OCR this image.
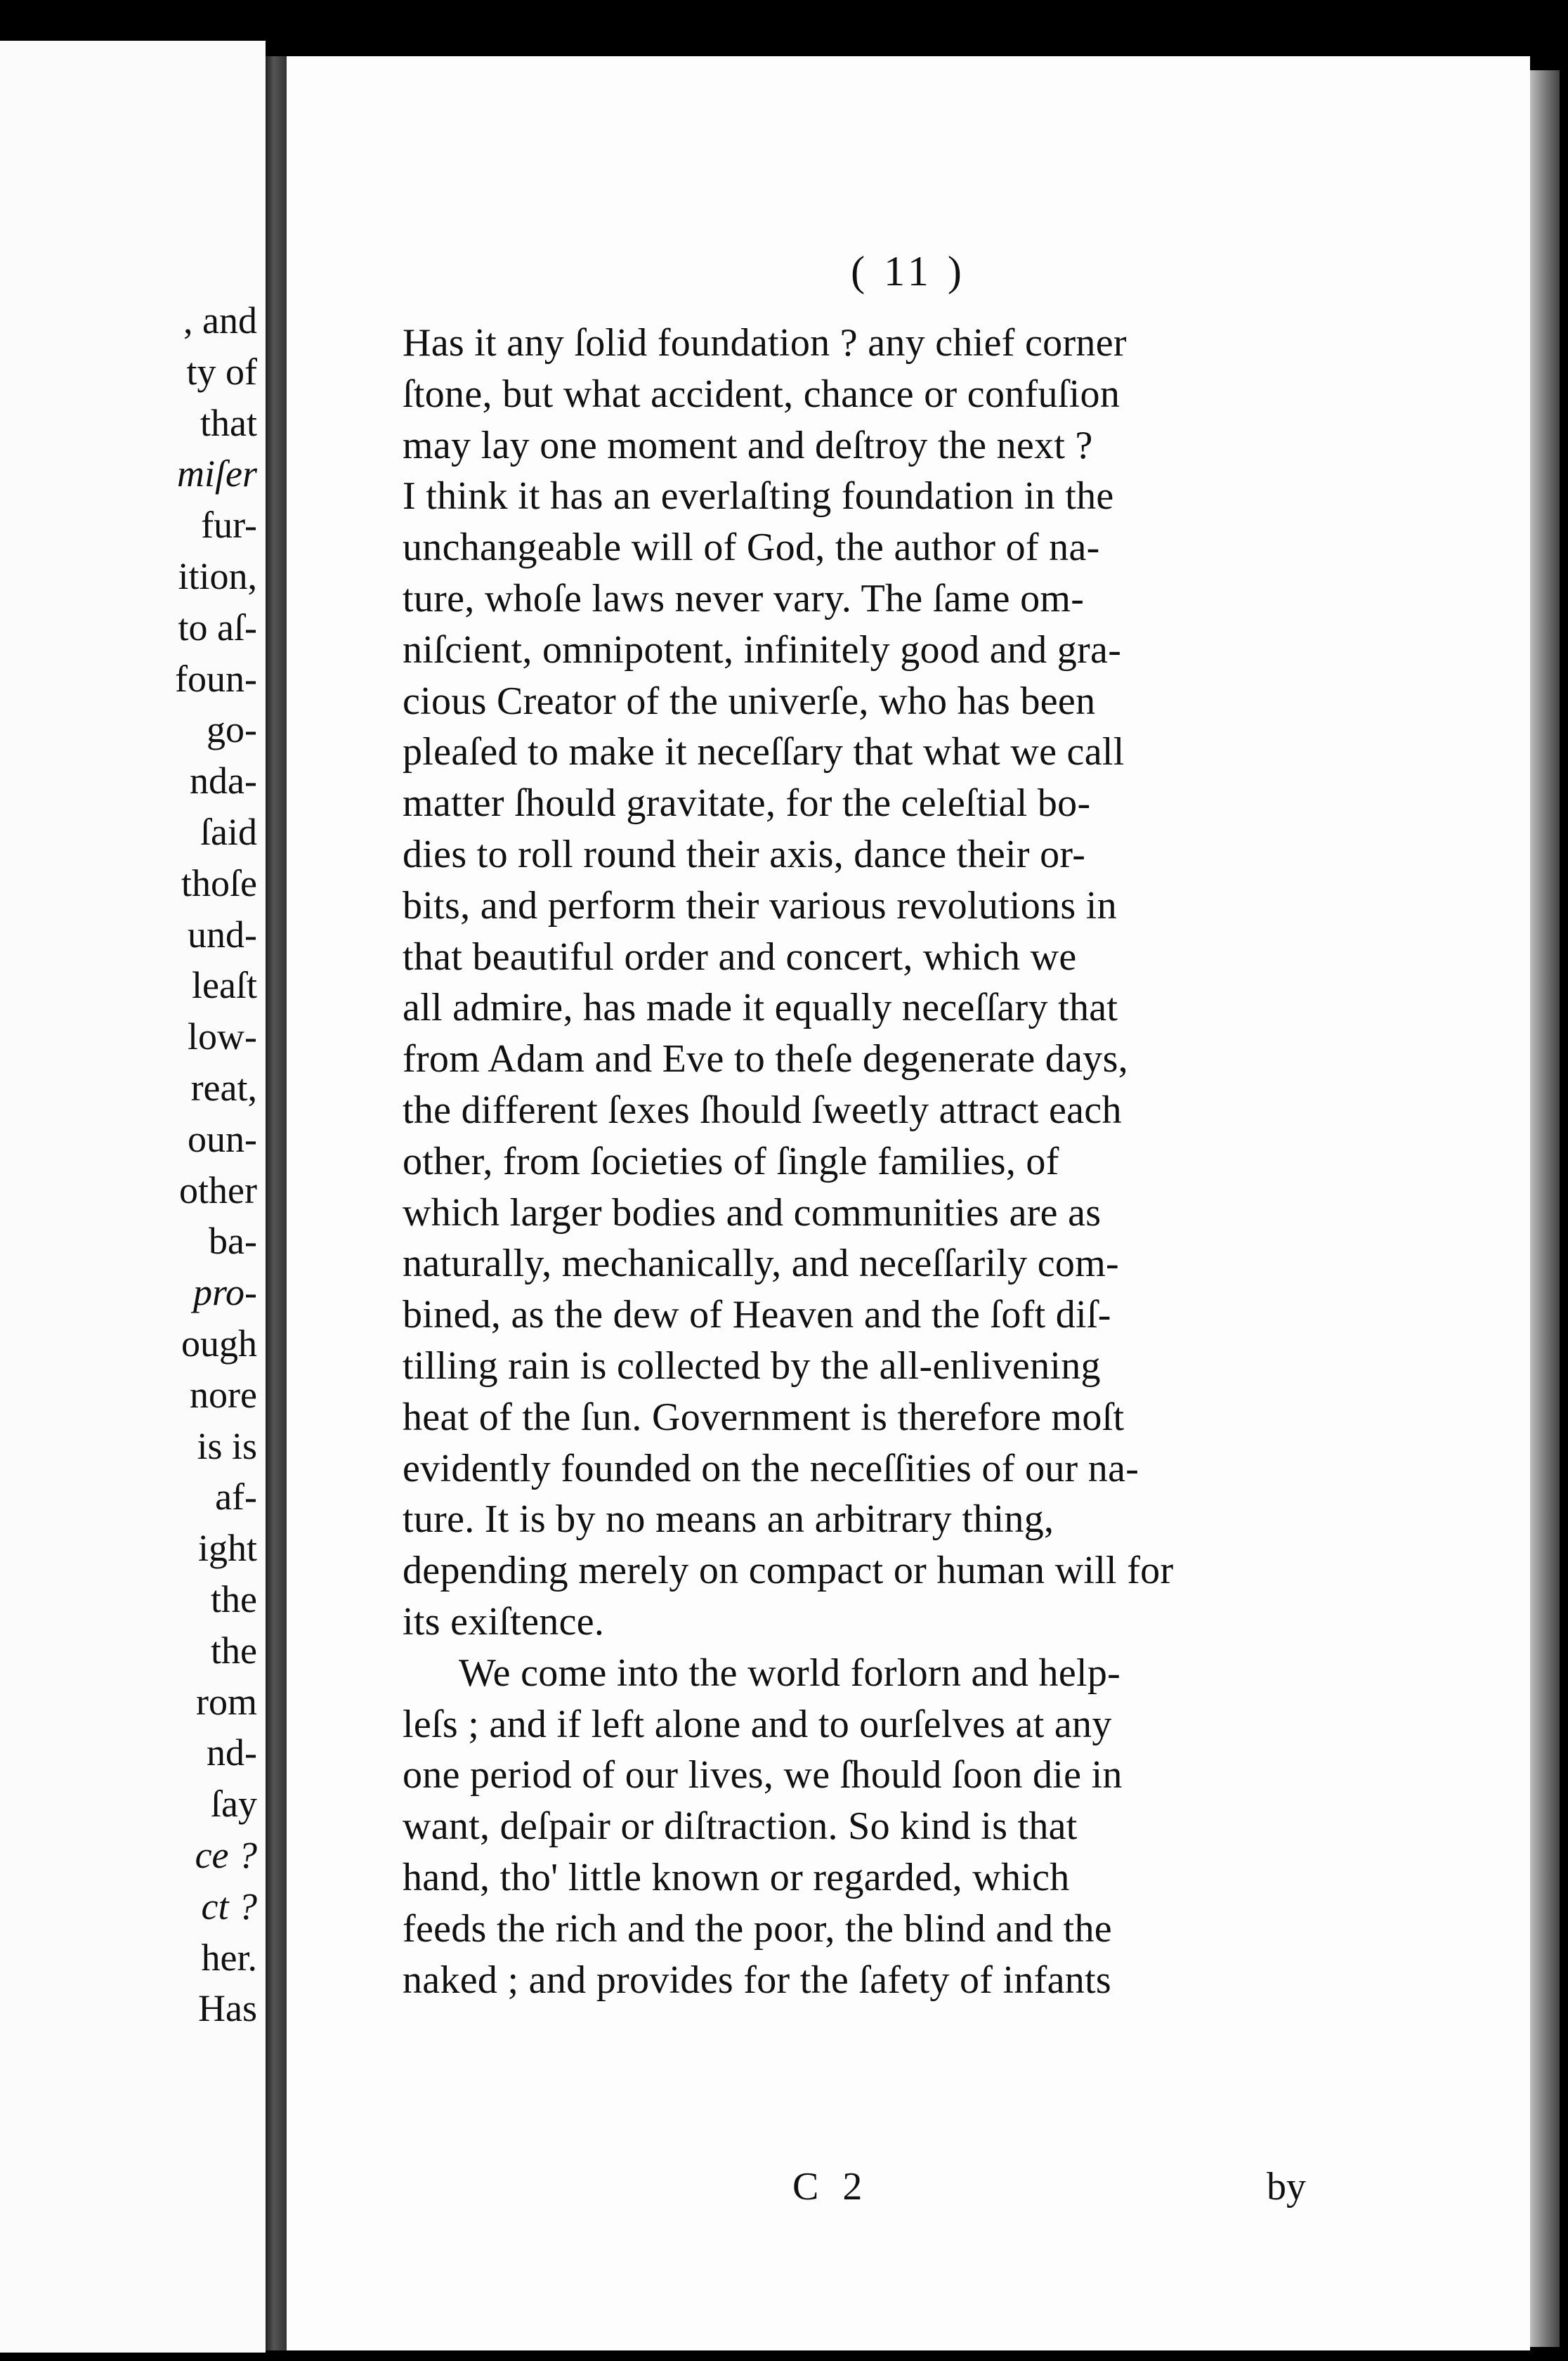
, and
ty of
that
miſer
fur-
ition,
to aſ-
foun-
go-
nda-
ſaid
thoſe
und-
leaſt
low-
reat,
oun-
other
ba-
pro-
ough
nore
is is
af-
ight
the
the
rom
nd-
ſay
ce ?
ct ?
her.
Has
( 11 )
Has it any ſolid foundation ? any chief corner
ſtone, but what accident, chance or confuſion
may lay one moment and deſtroy the next ?
I think it has an everlaſting foundation in the
unchangeable will of God, the author of na-
ture, whoſe laws never vary. The ſame om-
niſcient, omnipotent, infinitely good and gra-
cious Creator of the univerſe, who has been
pleaſed to make it neceſſary that what we call
matter ſhould gravitate, for the celeſtial bo-
dies to roll round their axis, dance their or-
bits, and perform their various revolutions in
that beautiful order and concert, which we
all admire, has made it equally neceſſary that
from Adam and Eve to theſe degenerate days,
the different ſexes ſhould ſweetly attract each
other, from ſocieties of ſingle families, of
which larger bodies and communities are as
naturally, mechanically, and neceſſarily com-
bined, as the dew of Heaven and the ſoft diſ-
tilling rain is collected by the all-enlivening
heat of the ſun. Government is therefore moſt
evidently founded on the neceſſities of our na-
ture. It is by no means an arbitrary thing,
depending merely on compact or human will for
its exiſtence.
We come into the world forlorn and help-
leſs ; and if left alone and to ourſelves at any
one period of our lives, we ſhould ſoon die in
want, deſpair or diſtraction. So kind is that
hand, tho' little known or regarded, which
feeds the rich and the poor, the blind and the
naked ; and provides for the ſafety of infants
C 2	by
